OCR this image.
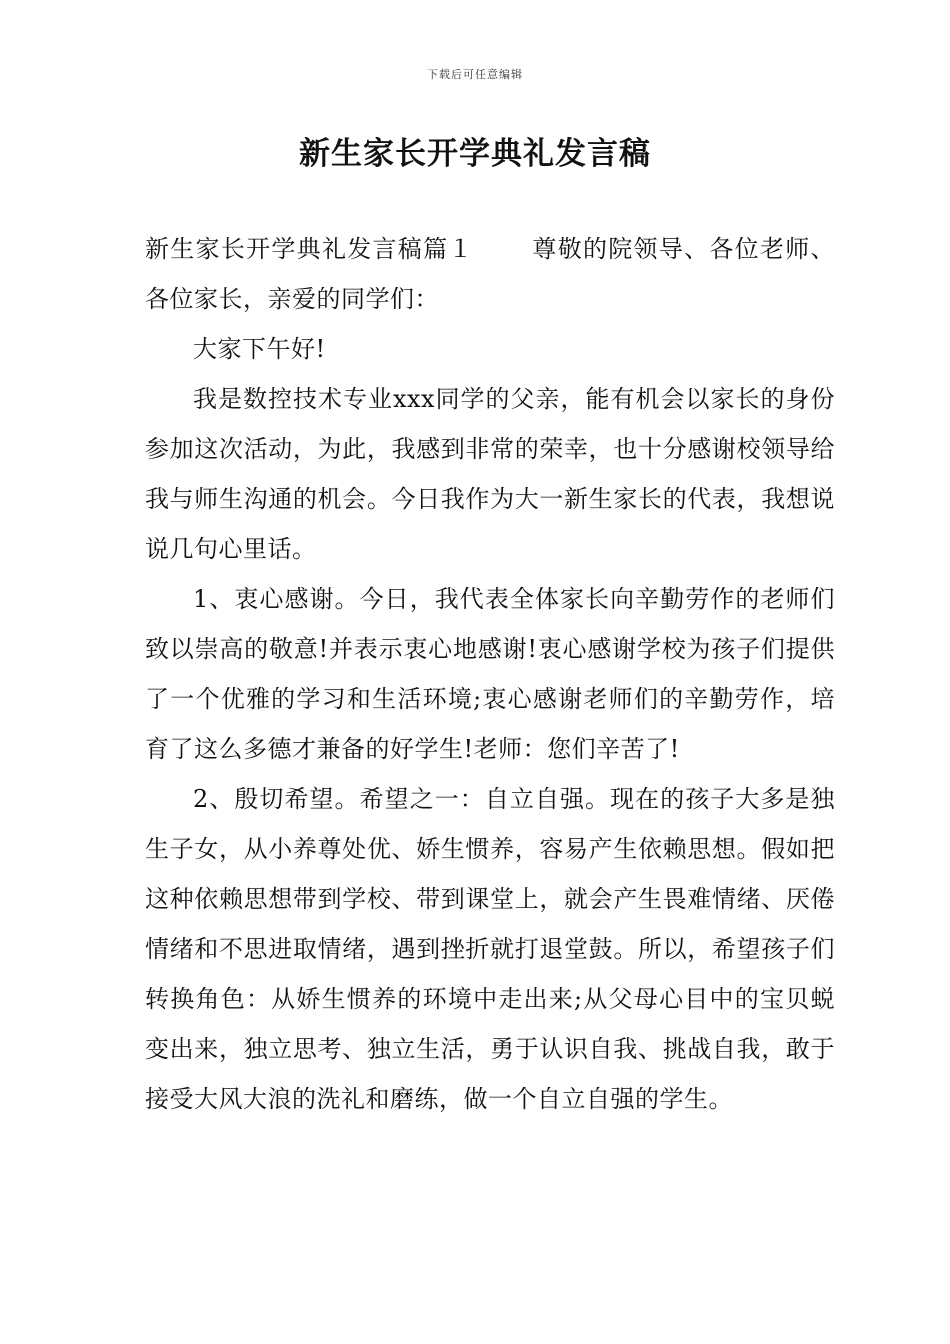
下载后可任意编辑
新生家长开学典礼发言稿

新生家长开学典礼发言稿篇１ 尊敬的院领导、各位老师、各位家长，亲爱的同学们：

大家下午好!

我是数控技术专业xxx同学的父亲，能有机会以家长的身份参加这次活动，为此，我感到非常的荣幸，也十分感谢校领导给我与师生沟通的机会。今日我作为大一新生家长的代表，我想说说几句心里话。

1、衷心感谢。今日，我代表全体家长向辛勤劳作的老师们致以崇高的敬意!并表示衷心地感谢!衷心感谢学校为孩子们提供了一个优雅的学习和生活环境;衷心感谢老师们的辛勤劳作，培育了这么多德才兼备的好学生!老师：您们辛苦了!

2、殷切希望。希望之一：自立自强。现在的孩子大多是独生子女，从小养尊处优、娇生惯养，容易产生依赖思想。假如把这种依赖思想带到学校、带到课堂上，就会产生畏难情绪、厌倦情绪和不思进取情绪，遇到挫折就打退堂鼓。所以，希望孩子们转换角色：从娇生惯养的环境中走出来;从父母心目中的宝贝蜕变出来，独立思考、独立生活，勇于认识自我、挑战自我，敢于接受大风大浪的洗礼和磨练，做一个自立自强的学生。
